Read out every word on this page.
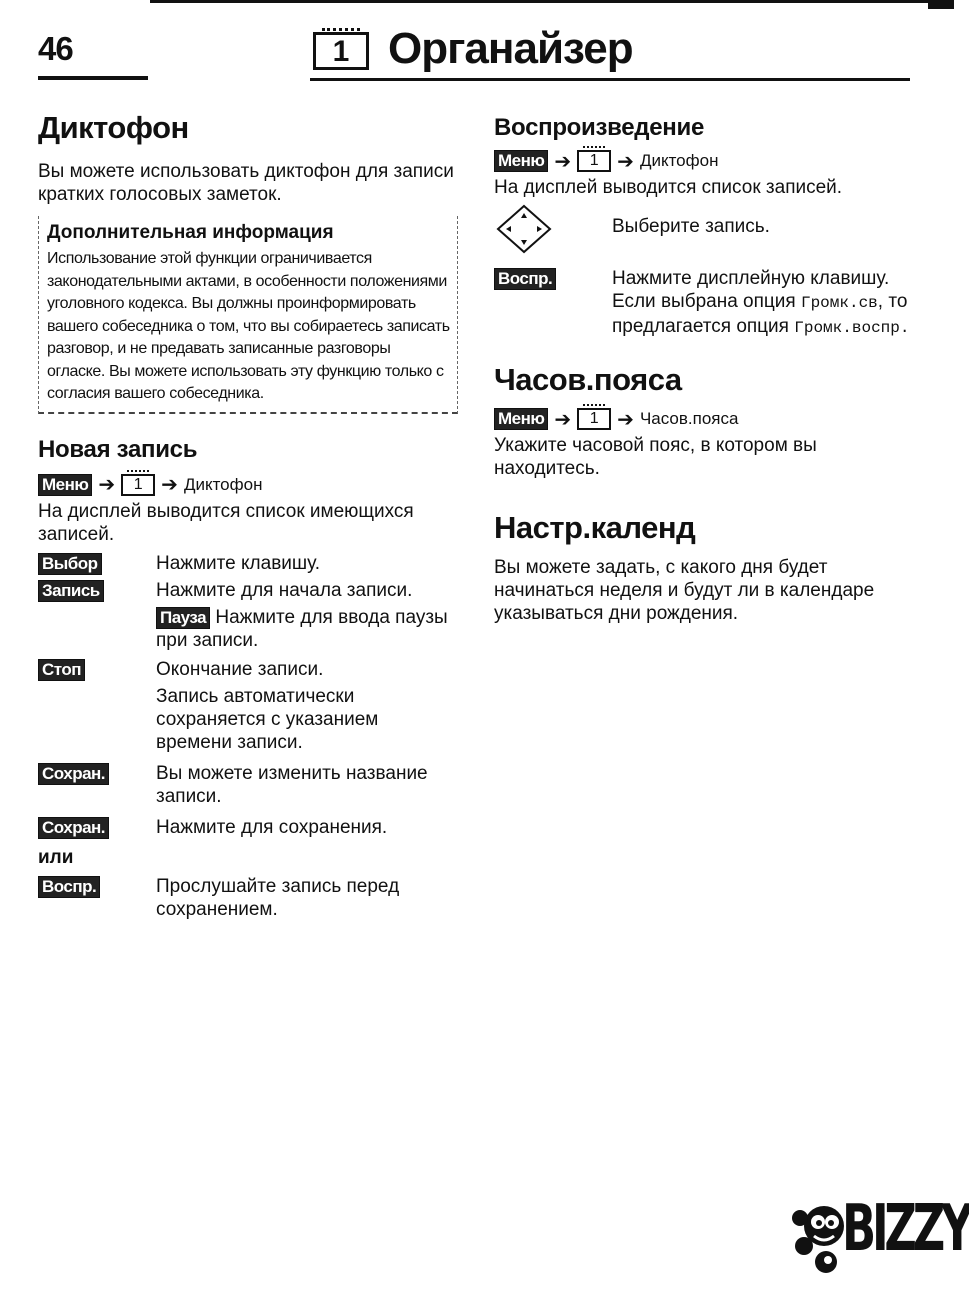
46	1 Органайзер
Диктофон

Вы можете использовать диктофон для записи кратких голосовых заметок.

Дополнительная информация

Использование этой функции ограничивается законодательными актами, в особенности положениями уголовного кодекса. Вы должны проинформировать вашего собеседника о том, что вы собираетесь записать разговор, и не предавать записанные разговоры огласке. Вы можете использовать эту функцию только с согласия вашего собеседника.

Новая запись
Меню ➔	1 ➔ Диктофон

На дисплей выводится список имеющихся записей.

Выбор	Нажмите клавишу.
Запись	Нажмите для начала записи.
Пауза Нажмите для ввода паузы при записи.
Стоп	Окончание записи.
Запись автоматически сохраняется с указанием времени записи.
Сохран.	Вы можете изменить название записи.
Сохран.	Нажмите для сохранения.
или
Воспр.	Прослушайте запись перед сохранением.
Воспроизведение
Меню ➔	1 ➔ Диктофон

На дисплей выводится список записей.

Выберите запись.
Воспр.	Нажмите дисплейную клавишу. Если выбрана опция Громк.св, то предлагается опция Громк.воспр.
Часов.пояса
Меню ➔	1 ➔ Часов.пояса

Укажите часовой пояс, в котором вы находитесь.

Настр.календ

Вы можете задать, с какого дня будет начинаться неделя и будут ли в календаре указываться дни рождения.

BIZZY
